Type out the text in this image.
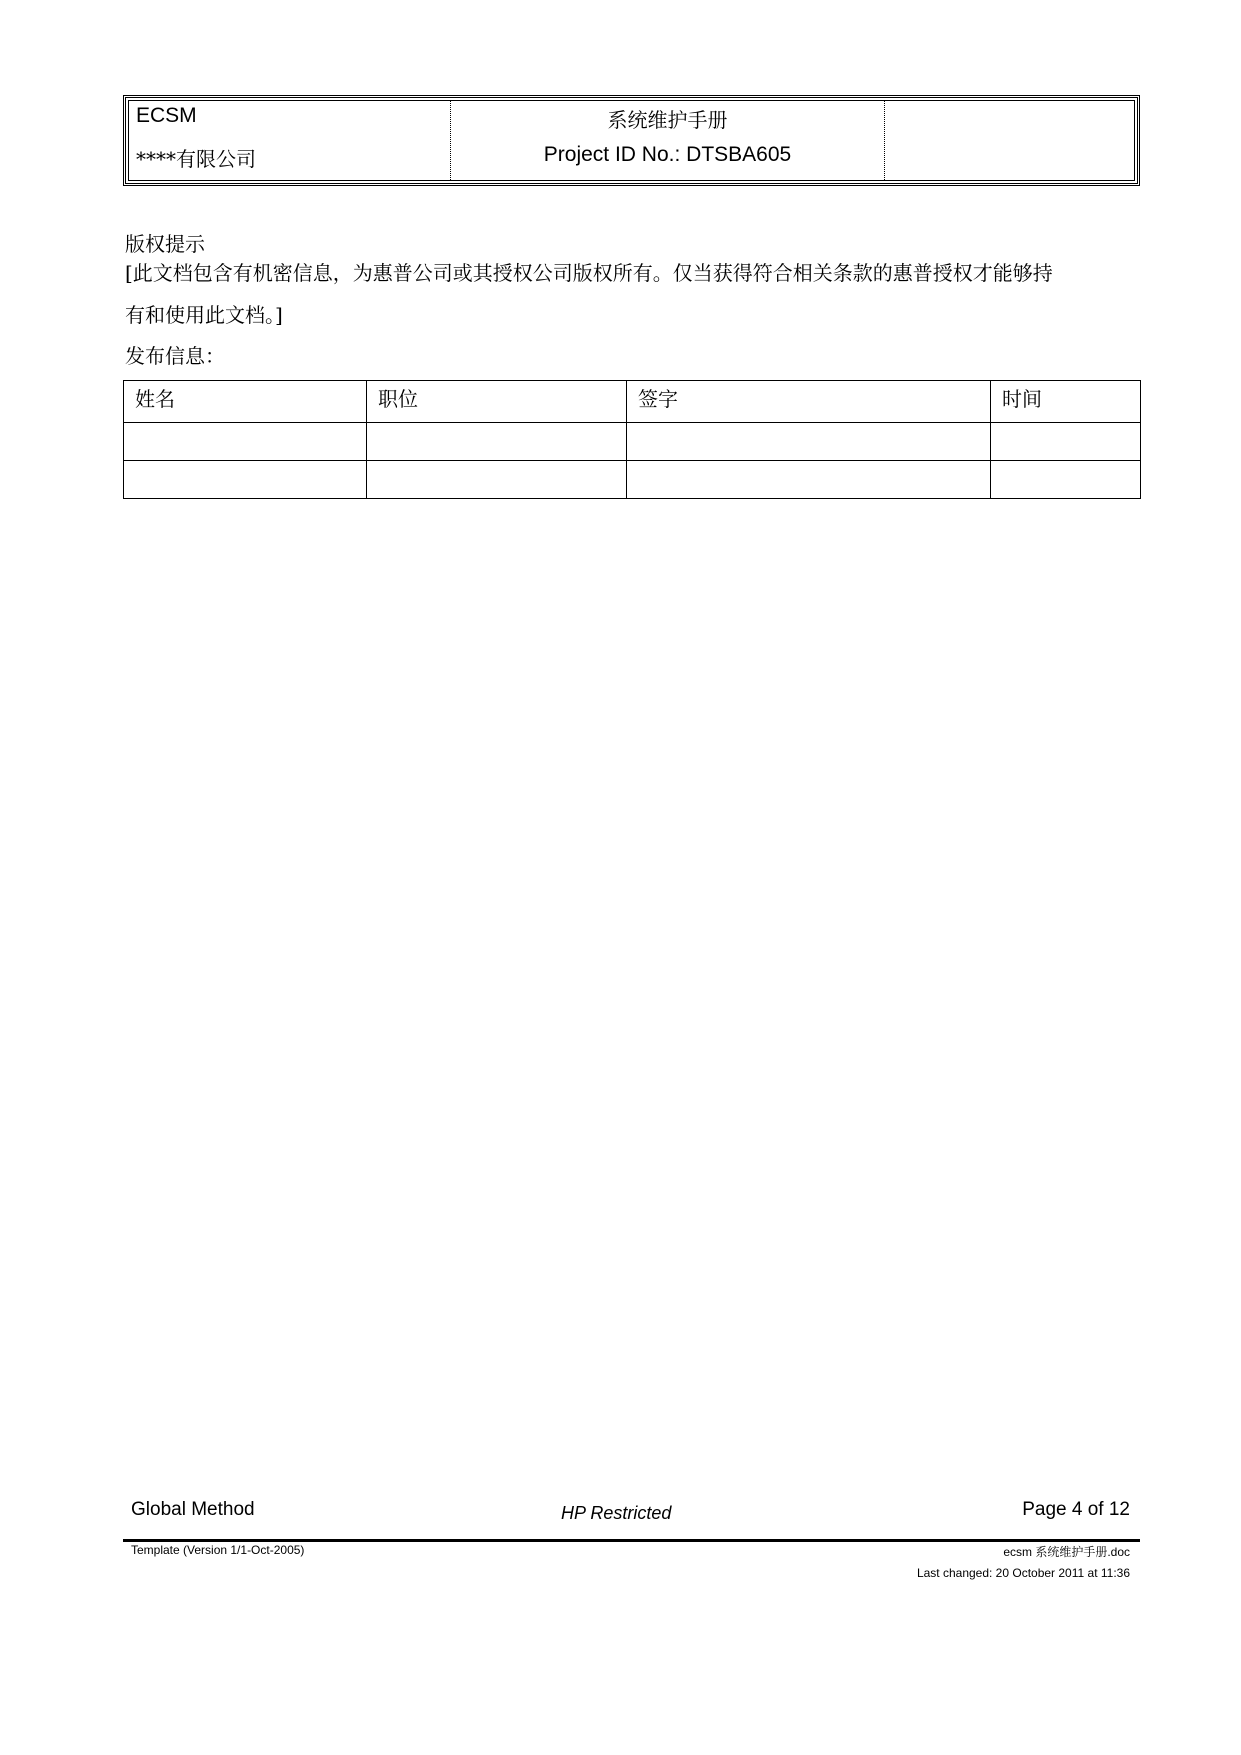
ECSM
****有限公司
系统维护手册
Project ID No.: DTSBA605
版权提示
[此文档包含有机密信息，为惠普公司或其授权公司版权所有。仅当获得符合相关条款的惠普授权才能够持
有和使用此文档。]
发布信息：
姓名	职位	签字	时间

Global Method	HP Restricted	Page 4 of 12
Template (Version 1/1-Oct-2005)	ecsm 系统维护手册.doc
Last changed: 20 October 2011 at 11:36
